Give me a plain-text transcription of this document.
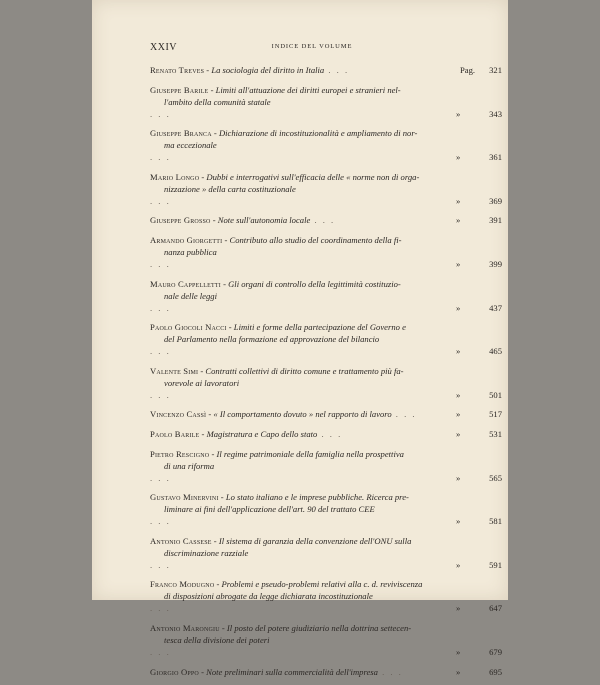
XXIV	INDICE DEL VOLUME
Renato Treves - La sociologia del diritto in Italia . . .	Pag. 321
Giuseppe Barile - Limiti all'attuazione dei diritti europei e stranieri nel-
l'ambito della comunità statale
. . .	»	343
Giuseppe Branca - Dichiarazione di incostituzionalità e ampliamento di nor-
ma eccezionale
. . .	»	361
Mario Longo - Dubbi e interrogativi sull'efficacia delle « norme non di orga-
nizzazione » della carta costituzionale
. . .	»	369
Giuseppe Grosso - Note sull'autonomia locale . . .	»	391
Armando Giorgetti - Contributo allo studio del coordinamento della fi-
nanza pubblica
. . .	»	399
Mauro Cappelletti - Gli organi di controllo della legittimità costituzio-
nale delle leggi
. . .	»	437
Paolo Giocoli Nacci - Limiti e forme della partecipazione del Governo e
del Parlamento nella formazione ed approvazione del bilancio
. . .	»	465
Valente Simi - Contratti collettivi di diritto comune e trattamento più fa-
vorevole ai lavoratori
. . .	»	501
Vincenzo Cassì - « Il comportamento dovuto » nel rapporto di lavoro . . .	»	517
Paolo Barile - Magistratura e Capo dello stato . . .	»	531
Pietro Rescigno - Il regime patrimoniale della famiglia nella prospettiva
di una riforma
. . .	»	565
Gustavo Minervini - Lo stato italiano e le imprese pubbliche. Ricerca pre-
liminare ai fini dell'applicazione dell'art. 90 del trattato CEE
. . .	»	581
Antonio Cassese - Il sistema di garanzia della convenzione dell'ONU sulla
discriminazione razziale
. . .	»	591
Franco Modugno - Problemi e pseudo-problemi relativi alla c. d. reviviscenza
di disposizioni abrogate da legge dichiarata incostituzionale
. . .	»	647
Antonio Marongiu - Il posto del potere giudiziario nella dottrina settecen-
tesca della divisione dei poteri
. . .	»	679
Giorgio Oppo - Note preliminari sulla commercialità dell'impresa . . .	»	695
